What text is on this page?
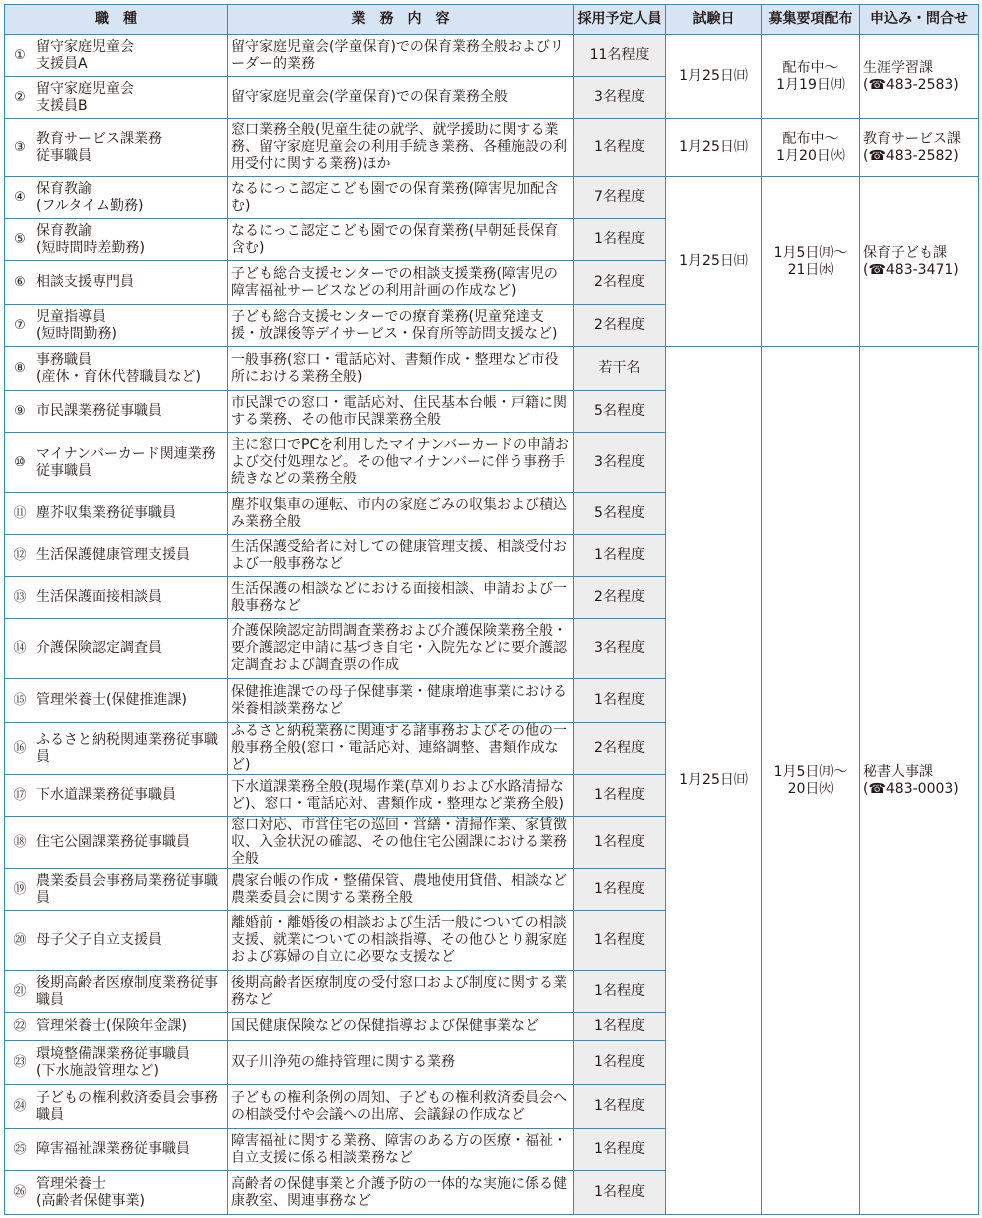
職　種	業　務　内　容	採用予定人員	試験日	募集要項配布	申込み・問合せ

①
留守家庭児童会
支援員A	留守家庭児童会(学童保育)での保育業務全般およびリーダー的業務	11名程度	1月25日㈰	配布中～
1月19日㈪	生涯学習課
(☎483-2583)

②
留守家庭児童会
支援員B	留守家庭児童会(学童保育)での保育業務全般	3名程度			

③
教育サービス課業務
従事職員	窓口業務全般(児童生徒の就学、就学援助に関する業務、留守家庭児童会の利用手続き業務、各種施設の利用受付に関する業務)ほか	1名程度	1月25日㈰	配布中～
1月20日㈫	教育サービス課
(☎483-2582)

④
保育教諭
(フルタイム勤務)	なるにっこ認定こども園での保育業務(障害児加配含む)	7名程度	1月25日㈰	1月5日㈪～
21日㈬	保育子ども課
(☎483-3471)

⑤
保育教諭
(短時間時差勤務)	なるにっこ認定こども園での保育業務(早朝延長保育含む)	1名程度			

⑥ 相談支援専門員	子ども総合支援センターでの相談支援業務(障害児の障害福祉サービスなどの利用計画の作成など)	2名程度			

⑦
児童指導員
(短時間勤務)	子ども総合支援センターでの療育業務(児童発達支援・放課後等デイサービス・保育所等訪問支援など)	2名程度			

⑧
事務職員
(産休・育休代替職員など)	一般事務(窓口・電話応対、書類作成・整理など市役所における業務全般)	若干名	1月25日㈰	1月5日㈪～
20日㈫	秘書人事課
(☎483-0003)

⑨ 市民課業務従事職員	市民課での窓口・電話応対、住民基本台帳・戸籍に関する業務、その他市民課業務全般	5名程度			

⑩
マイナンバーカード関連業務従事職員	主に窓口でPCを利用したマイナンバーカードの申請および交付処理など。その他マイナンバーに伴う事務手続きなどの業務全般	3名程度			

⑪ 塵芥収集業務従事職員	塵芥収集車の運転、市内の家庭ごみの収集および積込み業務全般	5名程度			

⑫ 生活保護健康管理支援員	生活保護受給者に対しての健康管理支援、相談受付および一般事務など	1名程度			

⑬ 生活保護面接相談員	生活保護の相談などにおける面接相談、申請および一般事務など	2名程度			

⑭ 介護保険認定調査員	介護保険認定訪問調査業務および介護保険業務全般・要介護認定申請に基づき自宅・入院先などに要介護認定調査および調査票の作成	3名程度			

⑮ 管理栄養士(保健推進課)	保健推進課での母子保健事業・健康増進事業における栄養相談業務など	1名程度			

⑯
ふるさと納税関連業務従事職員	ふるさと納税業務に関連する諸事務およびその他の一般事務全般(窓口・電話応対、連絡調整、書類作成など)	2名程度			

⑰ 下水道課業務従事職員	下水道課業務全般(現場作業(草刈りおよび水路清掃など)、窓口・電話応対、書類作成・整理など業務全般)	1名程度			

⑱ 住宅公園課業務従事職員	窓口対応、市営住宅の巡回・営繕・清掃作業、家賃徴収、入金状況の確認、その他住宅公園課における業務全般	1名程度			

⑲
農業委員会事務局業務従事職員	農家台帳の作成・整備保管、農地使用貸借、相談など農業委員会に関する業務全般	1名程度			

⑳ 母子父子自立支援員	離婚前・離婚後の相談および生活一般についての相談支援、就業についての相談指導、その他ひとり親家庭および寡婦の自立に必要な支援など	1名程度			

㉑
後期高齢者医療制度業務従事職員	後期高齢者医療制度の受付窓口および制度に関する業務など	1名程度			

㉒ 管理栄養士(保険年金課)	国民健康保険などの保健指導および保健事業など	1名程度			

㉓
環境整備課業務従事職員
(下水施設管理など)	双子川浄苑の維持管理に関する業務	1名程度			

㉔
子どもの権利救済委員会事務職員	子どもの権利条例の周知、子どもの権利救済委員会への相談受付や会議への出席、会議録の作成など	1名程度			

㉕ 障害福祉課業務従事職員	障害福祉に関する業務、障害のある方の医療・福祉・自立支援に係る相談業務など	1名程度			

㉖
管理栄養士
(高齢者保健事業)	高齢者の保健事業と介護予防の一体的な実施に係る健康教室、関連事務など	1名程度			
